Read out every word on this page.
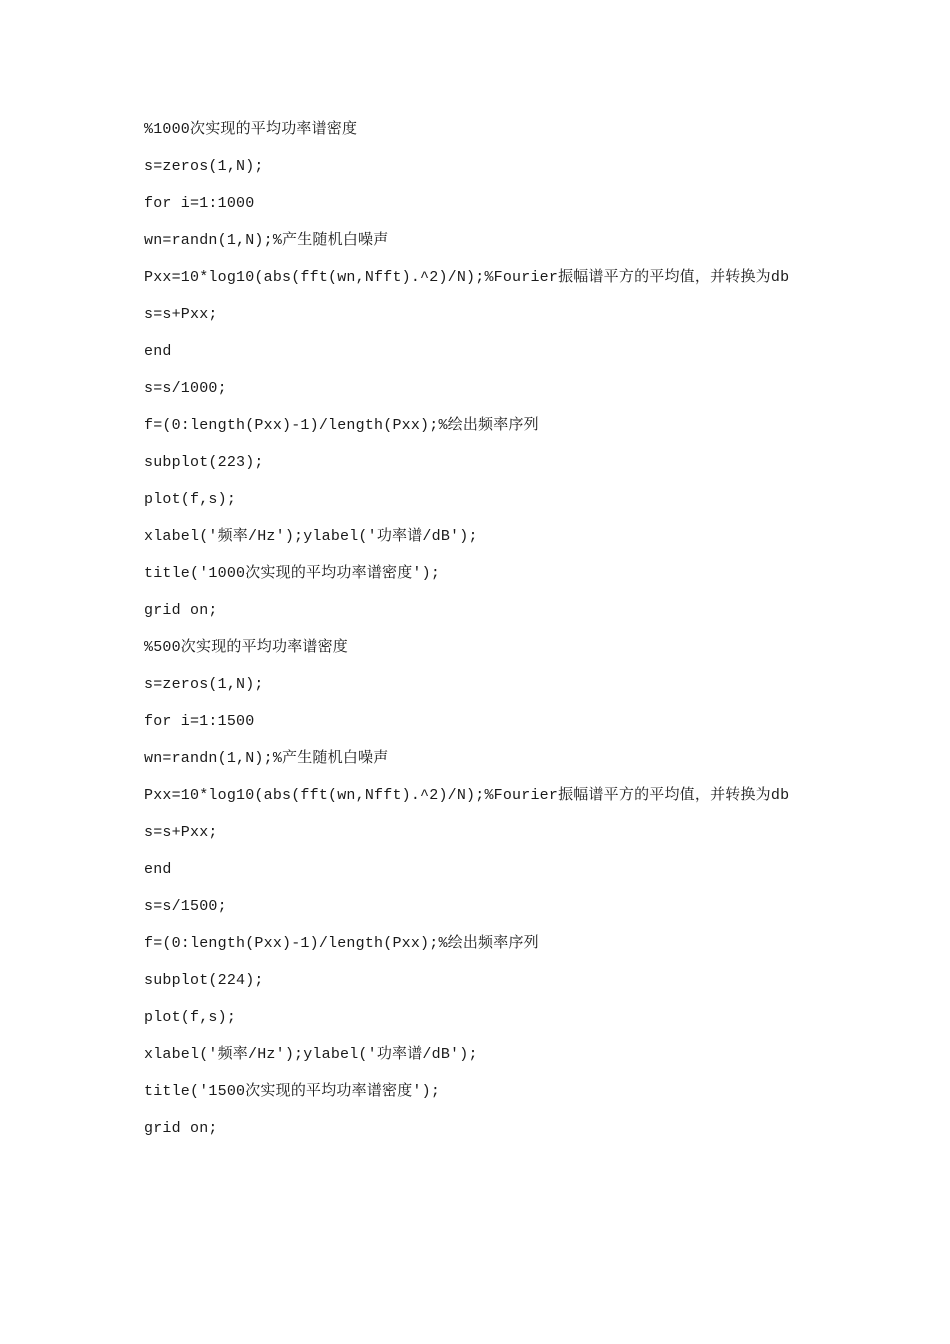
%1000次实现的平均功率谱密度
s=zeros(1,N);
for i=1:1000
wn=randn(1,N);%产生随机白噪声
Pxx=10*log10(abs(fft(wn,Nfft).^2)/N);%Fourier振幅谱平方的平均值，并转换为db
s=s+Pxx;
end
s=s/1000;
f=(0:length(Pxx)-1)/length(Pxx);%绘出频率序列
subplot(223);
plot(f,s);
xlabel('频率/Hz');ylabel('功率谱/dB');
title('1000次实现的平均功率谱密度');
grid on;
%500次实现的平均功率谱密度
s=zeros(1,N);
for i=1:1500
wn=randn(1,N);%产生随机白噪声
Pxx=10*log10(abs(fft(wn,Nfft).^2)/N);%Fourier振幅谱平方的平均值，并转换为db
s=s+Pxx;
end
s=s/1500;
f=(0:length(Pxx)-1)/length(Pxx);%绘出频率序列
subplot(224);
plot(f,s);
xlabel('频率/Hz');ylabel('功率谱/dB');
title('1500次实现的平均功率谱密度');
grid on;
